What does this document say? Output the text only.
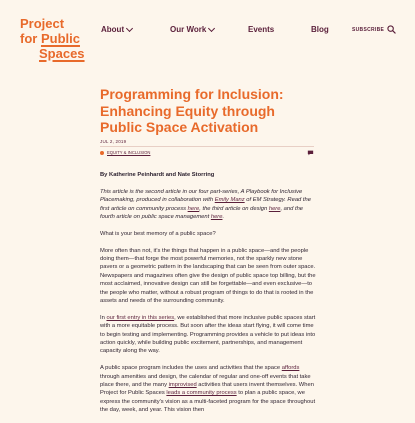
Project
for Public
Spaces
About	Our Work	Events	Blog	SUBSCRIBE
Programming for Inclusion: Enhancing Equity through Public Space Activation
JUL 2, 2019
EQUITY & INCLUSION

By Katherine Peinhardt and Nate Storring

This article is the second article in our four part-series, A Playbook for Inclusive Placemaking, produced in collaboration with Emily Manz of EM Strategy. Read the first article on community process here, the third article on design here, and the fourth article on public space management here.

What is your best memory of a public space?

More often than not, it's the things that happen in a public space—and the people doing them—that forge the most powerful memories, not the sparkly new stone pavers or a geometric pattern in the landscaping that can be seen from outer space. Newspapers and magazines often give the design of public space top billing, but the most acclaimed, innovative design can still be forgettable—and even exclusive—to the people who matter, without a robust program of things to do that is rooted in the assets and needs of the surrounding community.

In our first entry in this series, we established that more inclusive public spaces start with a more equitable process. But soon after the ideas start flying, it will come time to begin testing and implementing. Programming provides a vehicle to put ideas into action quickly, while building public excitement, partnerships, and management capacity along the way.

A public space program includes the uses and activities that the space affords through amenities and design, the calendar of regular and one-off events that take place there, and the many improvised activities that users invent themselves. When Project for Public Spaces leads a community process to plan a public space, we express the community's vision as a multi-faceted program for the space throughout the day, week, and year. This vision then
